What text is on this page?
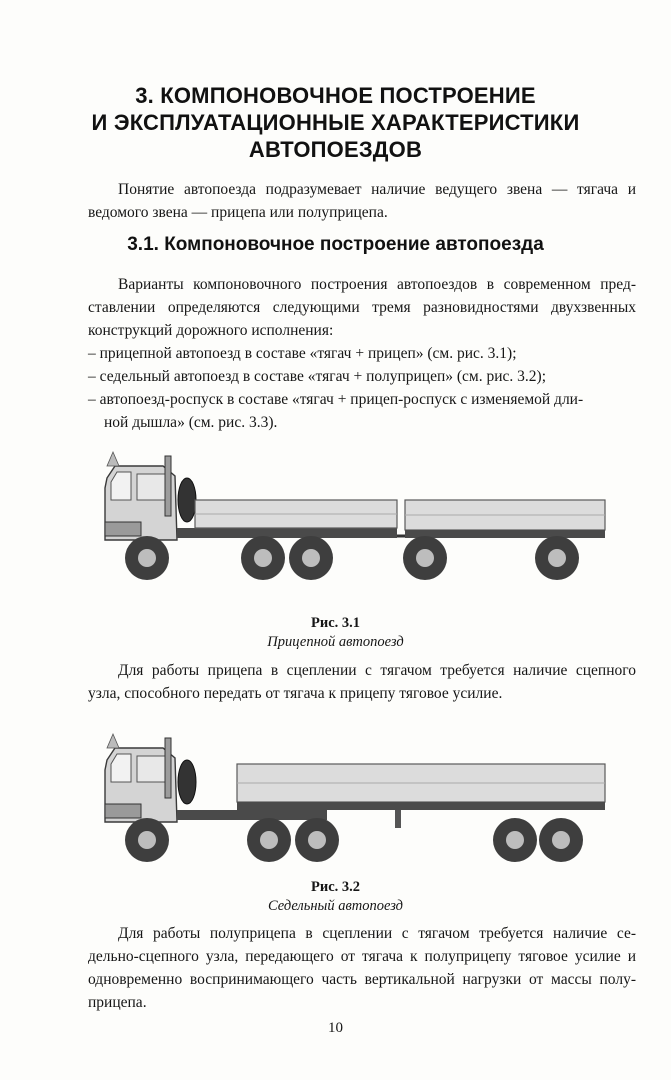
3. КОМПОНОВОЧНОЕ ПОСТРОЕНИЕ
И ЭКСПЛУАТАЦИОННЫЕ ХАРАКТЕРИСТИКИ
АВТОПОЕЗДОВ

Понятие автопоезда подразумевает наличие ведущего звена — тягача и
ведомого звена — прицепа или полуприцепа.

3.1. Компоновочное построение автопоезда

Варианты компоновочного построения автопоездов в современном пред-
ставлении определяются следующими тремя разновидностями двухзвенных
конструкций дорожного исполнения:

– прицепной автопоезд в составе «тягач + прицеп» (см. рис. 3.1);
– седельный автопоезд в составе «тягач + полуприцеп» (см. рис. 3.2);
– автопоезд-роспуск в составе «тягач + прицеп-роспуск с изменяемой дли-
ной дышла» (см. рис. 3.3).
Рис. 3.1
Прицепной автопоезд

Для работы прицепа в сцеплении с тягачом требуется наличие сцепного
узла, способного передать от тягача к прицепу тяговое усилие.

Рис. 3.2
Седельный автопоезд

Для работы полуприцепа в сцеплении с тягачом требуется наличие се-
дельно-сцепного узла, передающего от тягача к полуприцепу тяговое усилие и
одновременно воспринимающего часть вертикальной нагрузки от массы полу-
прицепа.

10
